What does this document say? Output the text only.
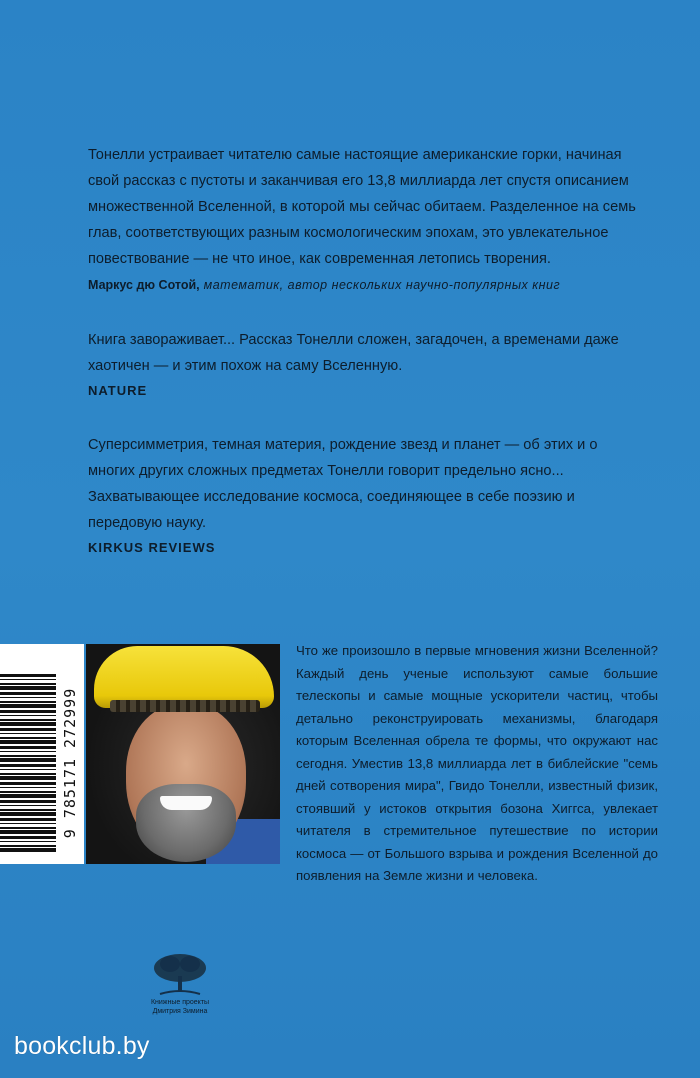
Тонелли устраивает читателю самые настоящие американские горки, начиная свой рассказ с пустоты и заканчивая его 13,8 миллиарда лет спустя описанием множественной Вселенной, в которой мы сейчас обитаем. Разделенное на семь глав, соответствующих разным космологическим эпохам, это увлекательное повествование — не что иное, как современная летопись творения.

Маркус дю Сотой, математик, автор нескольких научно-популярных книг

Книга завораживает... Рассказ Тонелли сложен, загадочен, а временами даже хаотичен — и этим похож на саму Вселенную.

NATURE

Суперсимметрия, темная материя, рождение звезд и планет — об этих и о многих других сложных предметах Тонелли говорит предельно ясно... Захватывающее исследование космоса, соединяющее в себе поэзию и передовую науку.

KIRKUS REVIEWS

9 785171 272999
Что же произошло в первые мгновения жизни Вселенной? Каждый день ученые используют самые большие телескопы и самые мощные ускорители частиц, чтобы детально реконструировать механизмы, благодаря которым Вселенная обрела те формы, что окружают нас сегодня. Уместив 13,8 миллиарда лет в библейские "семь дней сотворения мира", Гвидо Тонелли, известный физик, стоявший у истоков открытия бозона Хиггса, увлекает читателя в стремительное путешествие по истории космоса — от Большого взрыва и рождения Вселенной до появления на Земле жизни и человека.
Книжные проекты
Дмитрия Зимина
bookclub.by
